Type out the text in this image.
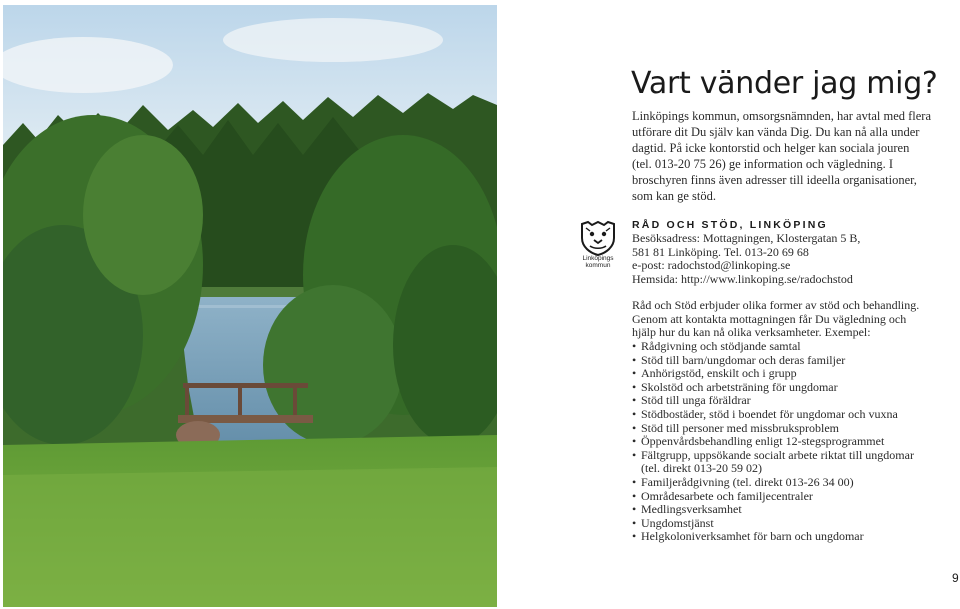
Vart vänder jag mig?

Linköpings kommun, omsorgsnämnden, har avtal med flera utförare dit Du själv kan vända Dig. Du kan nå alla under dagtid. På icke kontorstid och helger kan sociala jouren (tel. 013-20 75 26) ge information och vägledning. I broschyren finns även adresser till ideella organisationer, som kan ge stöd.

Linköpings kommun
RÅD OCH STÖD, LINKÖPING
Besöksadress: Mottagningen, Klostergatan 5 B,
581 81 Linköping. Tel. 013-20 69 68
e-post: radochstod@linkoping.se
Hemsida: http://www.linkoping.se/radochstod

Råd och Stöd erbjuder olika former av stöd och behandling. Genom att kontakta mottagningen får Du vägledning och hjälp hur du kan nå olika verksamheter. Exempel:

• Rådgivning och stödjande samtal
• Stöd till barn/ungdomar och deras familjer
• Anhörigstöd, enskilt och i grupp
• Skolstöd och arbetsträning för ungdomar
• Stöd till unga föräldrar
• Stödbostäder, stöd i boendet för ungdomar och vuxna
• Stöd till personer med missbruksproblem
• Öppenvårdsbehandling enligt 12-stegsprogrammet
• Fältgrupp, uppsökande socialt arbete riktat till ungdomar
(tel. direkt 013-20 59 02)
• Familjerådgivning (tel. direkt 013-26 34 00)
• Områdesarbete och familjecentraler
• Medlingsverksamhet
• Ungdomstjänst
• Helgkoloniverksamhet för barn och ungdomar
9
